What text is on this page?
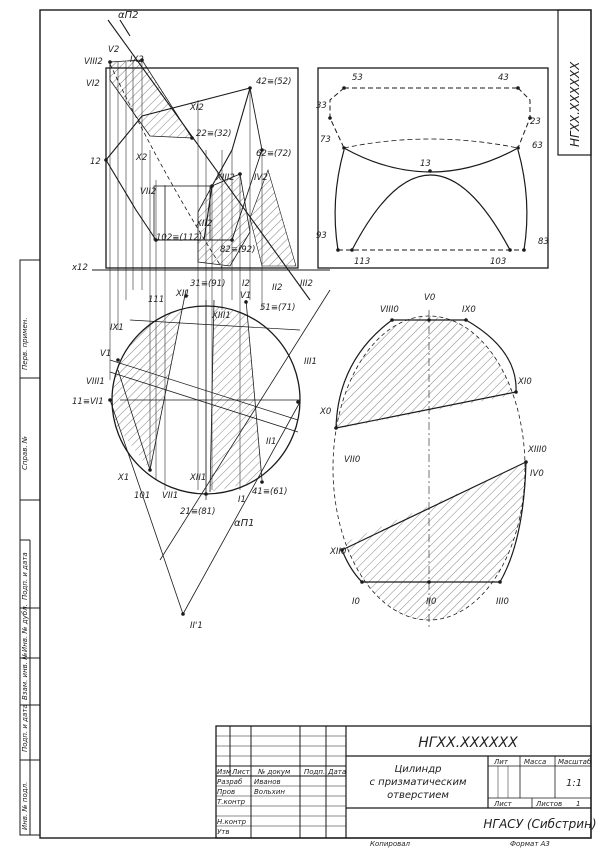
НГХХ.ХХХХХХ
Перв. примен.
Справ. №
Подп. и дата
Инв. № дубл.
Взам. инв. №
Подп. и дата
Инв. № подл.
αП2
V2
VIII2
VI2
IX2
XI2
42≡(52)
22≡(32)
62≡(72)
12	X2
VII2
XIII2 IV2
XII2
102≡(112)
82≡(92)
x12
I2	II2 III2
31≡(91)
XI1
XIII1
V1
111
51≡(71)
IX1
V1
III1
VIII1
11≡VI1
II1
X1
101 VII1
XII1
I1
41≡(61)
21≡(81)
αП1
II'1
53	43
33
23
73
63
13
93
83
113	103
VIII0
V0
IX0
XI0
X0
VII0
XIII0
IV0
XII0
I0	II0	III0
НГХХ.ХХХХХХ
Цилиндр
с призматическим
отверстием
Лит Масса Масштаб
1:1
Лист	Листов 1
НГАСУ (Сибстрин)
Изм Лист № докум Подп. Дата
Разраб Иванов
Пров	Вольхин
Т.контр
Н.контр
Утв
Копировал	Формат А3
